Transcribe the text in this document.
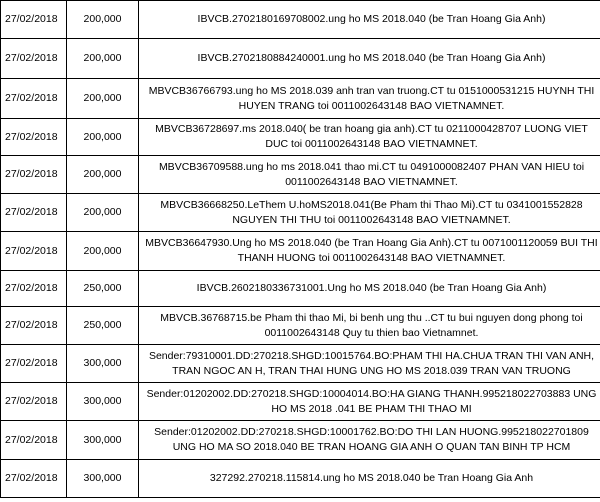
27/02/2018	200,000	IBVCB.2702180169708002.ung ho MS 2018.040 (be Tran Hoang Gia Anh)
27/02/2018	200,000	IBVCB.2702180884240001.ung ho MS 2018.040 (be Tran Hoang Gia Anh)
27/02/2018	200,000	MBVCB36766793.ung ho MS 2018.039 anh tran van truong.CT tu 0151000531215 HUYNH THI HUYEN TRANG toi 0011002643148 BAO VIETNAMNET.
27/02/2018	200,000	MBVCB36728697.ms 2018.040( be tran hoang gia anh).CT tu 0211000428707 LUONG VIET DUC toi 0011002643148 BAO VIETNAMNET.
27/02/2018	200,000	MBVCB36709588.ung ho ms 2018.041 thao mi.CT tu 0491000082407 PHAN VAN HIEU toi 0011002643148 BAO VIETNAMNET.
27/02/2018	200,000	MBVCB36668250.LeThem U.hoMS2018.041(Be Pham thi Thao Mi).CT tu 0341001552828 NGUYEN THI THU toi 0011002643148 BAO VIETNAMNET.
27/02/2018	200,000	MBVCB36647930.Ung ho MS 2018.040 (be Tran Hoang Gia Anh).CT tu 0071001120059 BUI THI THANH HUONG toi 0011002643148 BAO VIETNAMNET.
27/02/2018	250,000	IBVCB.2602180336731001.Ung ho MS 2018.040 (be Tran Hoang Gia Anh)
27/02/2018	250,000	MBVCB.36768715.be Pham thi thao Mi, bi benh ung thu ..CT tu bui nguyen dong phong toi 0011002643148 Quy tu thien bao Vietnamnet.
27/02/2018	300,000	Sender:79310001.DD:270218.SHGD:10015764.BO:PHAM THI HA.CHUA TRAN THI VAN ANH, TRAN NGOC AN H, TRAN THAI HUNG UNG HO MS 2018.039 TRAN VAN TRUONG
27/02/2018	300,000	Sender:01202002.DD:270218.SHGD:10004014.BO:HA GIANG THANH.995218022703883 UNG HO MS 2018 .041 BE PHAM THI THAO MI
27/02/2018	300,000	Sender:01202002.DD:270218.SHGD:10001762.BO:DO THI LAN HUONG.995218022701809 UNG HO MA SO 2018.040 BE TRAN HOANG GIA ANH O QUAN TAN BINH TP HCM
27/02/2018	300,000	327292.270218.115814.ung ho MS 2018.040 be Tran Hoang Gia Anh
